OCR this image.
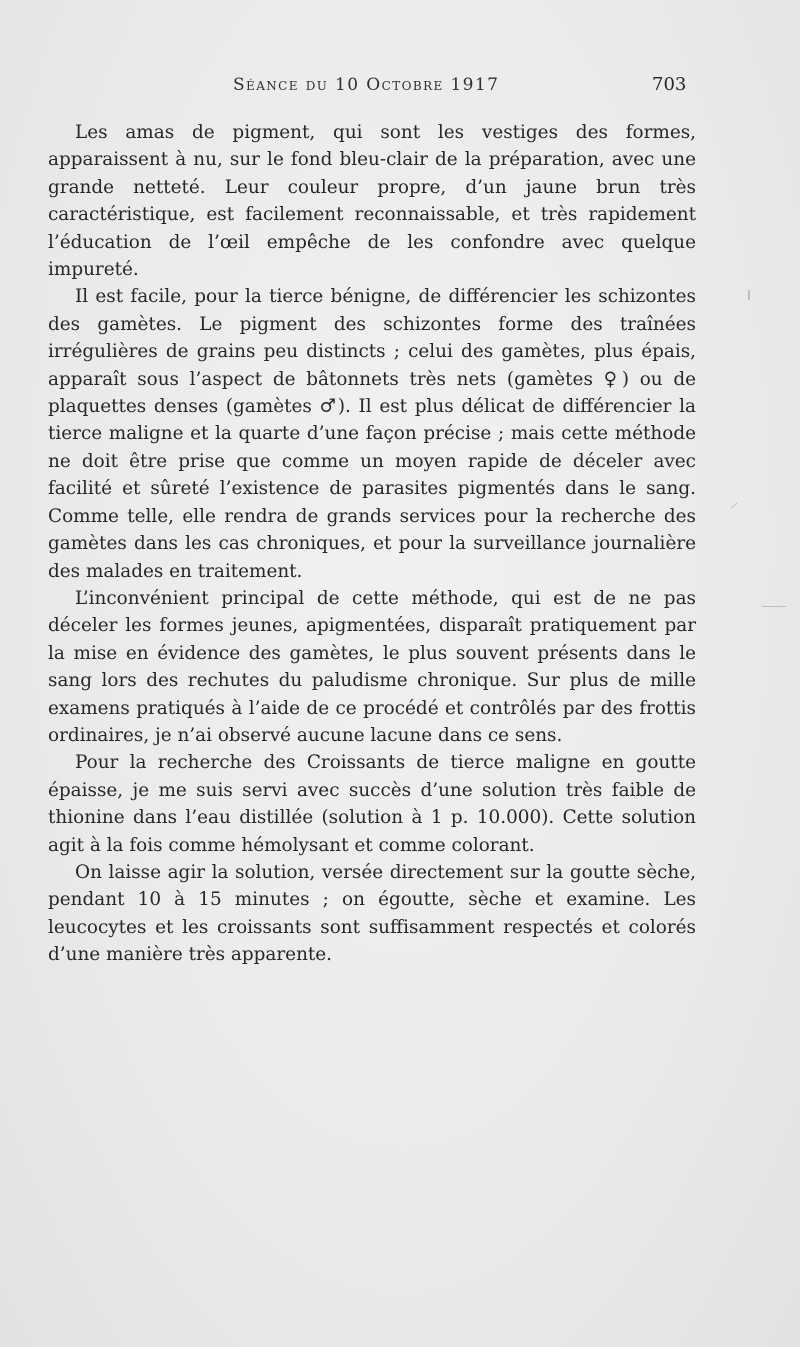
Séance du 10 Octobre 1917	703

Les amas de pigment, qui sont les vestiges des formes, apparaissent à nu, sur le fond bleu-clair de la préparation, avec une grande netteté. Leur couleur propre, d’un jaune brun très caractéristique, est facilement reconnaissable, et très rapidement l’éducation de l’œil empêche de les confondre avec quelque impureté.

Il est facile, pour la tierce bénigne, de différencier les schizontes des gamètes. Le pigment des schizontes forme des traînées irrégulières de grains peu distincts ; celui des gamètes, plus épais, apparaît sous l’aspect de bâtonnets très nets (gamètes ♀) ou de plaquettes denses (gamètes ♂). Il est plus délicat de différencier la tierce maligne et la quarte d’une façon précise ; mais cette méthode ne doit être prise que comme un moyen rapide de déceler avec facilité et sûreté l’existence de parasites pigmentés dans le sang. Comme telle, elle rendra de grands services pour la recherche des gamètes dans les cas chroniques, et pour la surveillance journalière des malades en traitement.

L’inconvénient principal de cette méthode, qui est de ne pas déceler les formes jeunes, apigmentées, disparaît pratiquement par la mise en évidence des gamètes, le plus souvent présents dans le sang lors des rechutes du paludisme chronique. Sur plus de mille examens pratiqués à l’aide de ce procédé et contrôlés par des frottis ordinaires, je n’ai observé aucune lacune dans ce sens.

Pour la recherche des Croissants de tierce maligne en goutte épaisse, je me suis servi avec succès d’une solution très faible de thionine dans l’eau distillée (solution à 1 p. 10.000). Cette solution agit à la fois comme hémolysant et comme colorant.

On laisse agir la solution, versée directement sur la goutte sèche, pendant 10 à 15 minutes ; on égoutte, sèche et examine. Les leucocytes et les croissants sont suffisamment respectés et colorés d’une manière très apparente.
